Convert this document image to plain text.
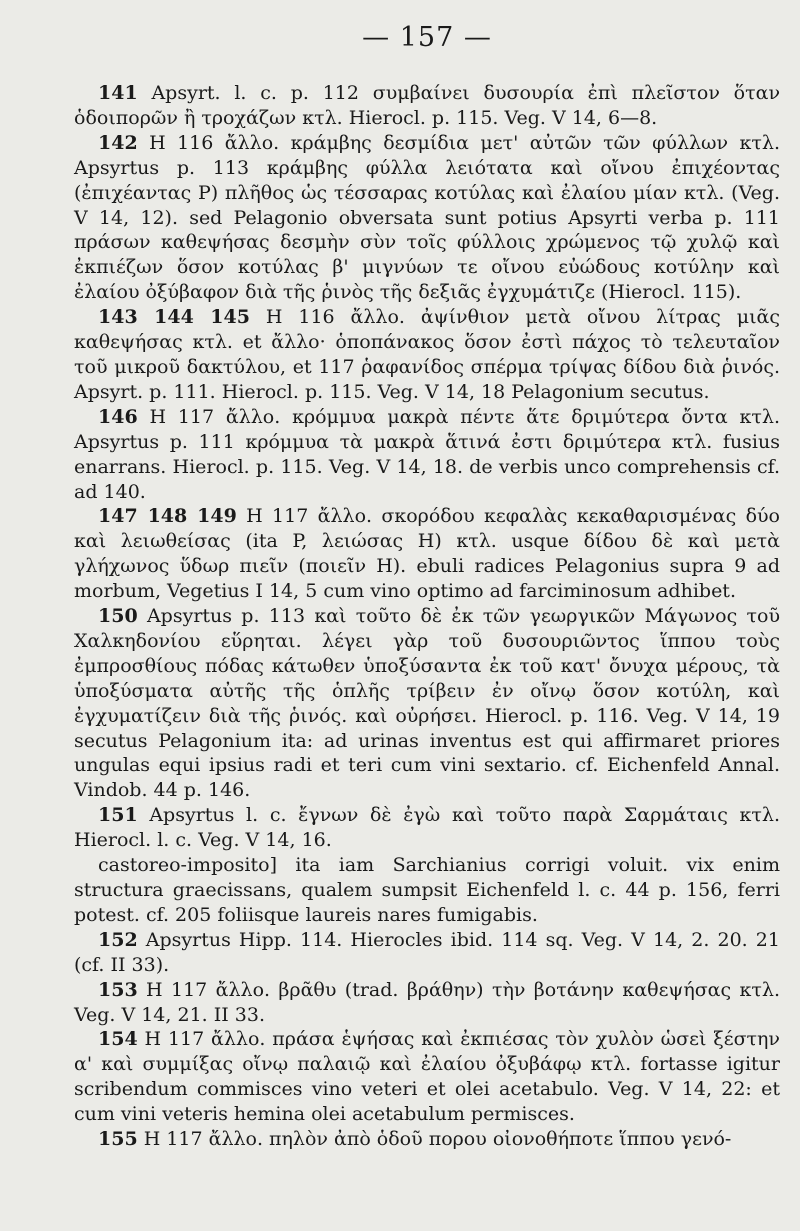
— 157 —

141 Apsyrt. l. c. p. 112 συμβαίνει δυσουρία ἐπὶ πλεῖστον ὅταν ὁδοιπορῶν ἢ τροχάζων κτλ. Hierocl. p. 115. Veg. V 14, 6—8.

142 H 116 ἄλλο. κράμβης δεσμίδια μετ' αὐτῶν τῶν φύλλων κτλ. Apsyrtus p. 113 κράμβης φύλλα λειότατα καὶ οἴνου ἐπιχέοντας (ἐπιχέαντας P) πλῆθος ὡς τέσσαρας κοτύλας καὶ ἐλαίου μίαν κτλ. (Veg. V 14, 12). sed Pelagonio obversata sunt potius Apsyrti verba p. 111 πράσων καθεψήσας δεσμὴν σὺν τοῖς φύλλοις χρώμενος τῷ χυλῷ καὶ ἐκπιέζων ὅσον κοτύλας β' μιγνύων τε οἴνου εὐώδους κοτύλην καὶ ἐλαίου ὀξύβαφον διὰ τῆς ῥινὸς τῆς δεξιᾶς ἐγχυμάτιζε (Hierocl. 115).

143 144 145 H 116 ἄλλο. ἀψίνθιον μετὰ οἴνου λίτρας μιᾶς καθεψήσας κτλ. et ἄλλο· ὁποπάνακος ὅσον ἐστὶ πάχος τὸ τελευταῖον τοῦ μικροῦ δακτύλου, et 117 ῥαφανίδος σπέρμα τρίψας δίδου διὰ ῥινός. Apsyrt. p. 111. Hierocl. p. 115. Veg. V 14, 18 Pelagonium secutus.

146 H 117 ἄλλο. κρόμμυα μακρὰ πέντε ἅτε δριμύτερα ὄντα κτλ. Apsyrtus p. 111 κρόμμυα τὰ μακρὰ ἅτινά ἐστι δριμύτερα κτλ. fusius enarrans. Hierocl. p. 115. Veg. V 14, 18. de verbis unco comprehensis cf. ad 140.

147 148 149 H 117 ἄλλο. σκορόδου κεφαλὰς κεκαθαρισμένας δύο καὶ λειωθείσας (ita P, λειώσας H) κτλ. usque δίδου δὲ καὶ μετὰ γλήχωνος ὕδωρ πιεῖν (ποιεῖν H). ebuli radices Pelagonius supra 9 ad morbum, Vegetius I 14, 5 cum vino optimo ad farciminosum adhibet.

150 Apsyrtus p. 113 καὶ τοῦτο δὲ ἐκ τῶν γεωργικῶν Μάγωνος τοῦ Χαλκηδονίου εὕρηται. λέγει γὰρ τοῦ δυσουριῶντος ἵππου τοὺς ἐμπροσθίους πόδας κάτωθεν ὑποξύσαντα ἐκ τοῦ κατ' ὄνυχα μέρους, τὰ ὑποξύσματα αὐτῆς τῆς ὁπλῆς τρίβειν ἐν οἴνῳ ὅσον κοτύλη, καὶ ἐγχυματίζειν διὰ τῆς ῥινός. καὶ οὐρήσει. Hierocl. p. 116. Veg. V 14, 19 secutus Pelagonium ita: ad urinas inventus est qui affirmaret priores ungulas equi ipsius radi et teri cum vini sextario. cf. Eichenfeld Annal. Vindob. 44 p. 146.

151 Apsyrtus l. c. ἔγνων δὲ ἐγὼ καὶ τοῦτο παρὰ Σαρμάταις κτλ. Hierocl. l. c. Veg. V 14, 16.

castoreo-imposito] ita iam Sarchianius corrigi voluit. vix enim structura graecissans, qualem sumpsit Eichenfeld l. c. 44 p. 156, ferri potest. cf. 205 foliisque laureis nares fumigabis.

152 Apsyrtus Hipp. 114. Hierocles ibid. 114 sq. Veg. V 14, 2. 20. 21 (cf. II 33).

153 H 117 ἄλλο. βρᾶθυ (trad. βράθην) τὴν βοτάνην καθεψήσας κτλ. Veg. V 14, 21. II 33.

154 H 117 ἄλλο. πράσα ἑψήσας καὶ ἐκπιέσας τὸν χυλὸν ὡσεὶ ξέστην α' καὶ συμμίξας οἴνῳ παλαιῷ καὶ ἐλαίου ὀξυβάφῳ κτλ. fortasse igitur scribendum commisces vino veteri et olei acetabulo. Veg. V 14, 22: et cum vini veteris hemina olei acetabulum permisces.

155 H 117 ἄλλο. πηλὸν ἀπὸ ὁδοῦ πορου οἰονοθήποτε ἵππου γενό-
